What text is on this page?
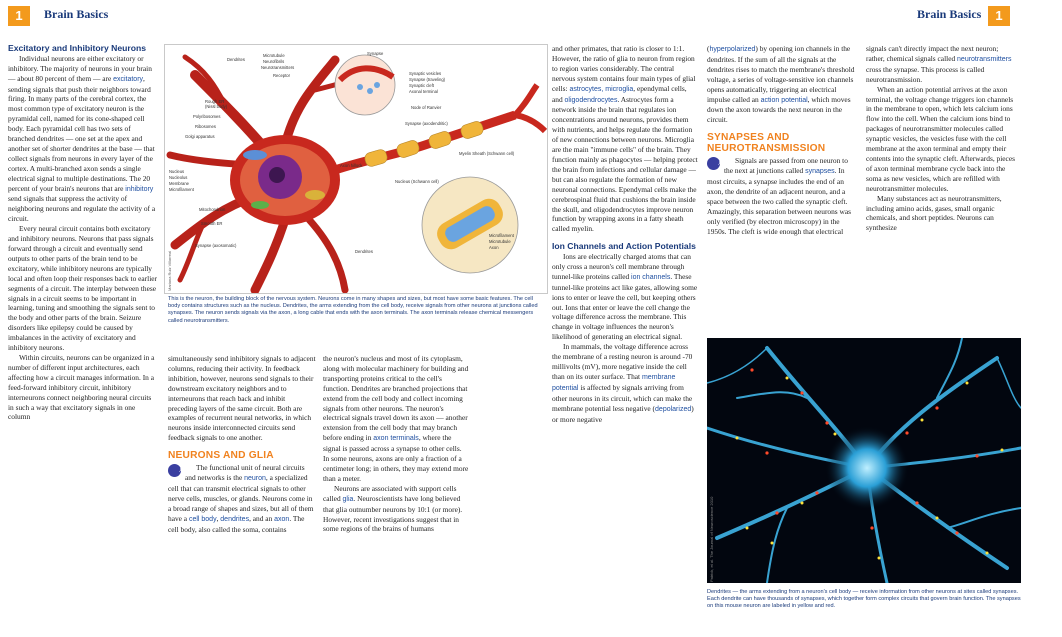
1	Brain Basics	Brain Basics	1
Excitatory and Inhibitory Neurons

Individual neurons are either excitatory or inhibitory. The majority of neurons in your brain — about 80 percent of them — are excitatory, sending signals that push their neighbors toward firing. In many parts of the cerebral cortex, the most common type of excitatory neuron is the pyramidal cell, named for its cone-shaped cell body. Each pyramidal cell has two sets of branched dendrites — one set at the apex and another set of shorter dendrites at the base — that collect signals from neurons in every layer of the cortex. A multi-branched axon sends a single electrical signal to multiple destinations. The 20 percent of your brain's neurons that are inhibitory send signals that suppress the activity of neighboring neurons and regulate the activity of a circuit.

Every neural circuit contains both excitatory and inhibitory neurons. Neurons that pass signals forward through a circuit and eventually send outputs to other parts of the brain tend to be excitatory, while inhibitory neurons are typically local and often loop their responses back to earlier segments of a circuit. The interplay between these signals in a circuit seems to be important in learning, tuning and smoothing the signals sent to the body and other parts of the brain. Seizure disorders like epilepsy could be caused by imbalances in the activity of excitatory and inhibitory neurons.

Within circuits, neurons can be organized in a number of different input architectures, each affecting how a circuit manages information. In a feed-forward inhibitory circuit, inhibitory interneurons connect neighboring neural circuits in such a way that excitatory signals in one column

Dendrites
Microtubule
Neurofibrils
Neurotransmitters
Receptor
Synapse
Synaptic vesicles
Synapse (traveling)
Synaptic cleft
Axonal terminal
Rough ER
(Nissl body)
Polyribosomes
Ribosomes
Golgi apparatus
Node of Ranvier
Synapse (axodendritic)
Myelin Sheath (Schwann cell)
Nucleus
Nucleolus
Membrane
Microfilament
Axon hillock
Nucleus (Schwann cell)
Mitochondrion
Smooth ER
Synapse (axosomatic)
Microfilament
Microtubule
Axon
Dendrites
Mariana Ruiz Villarreal
This is the neuron, the building block of the nervous system. Neurons come in many shapes and sizes, but most have some basic features. The cell body contains structures such as the nucleus. Dendrites, the arms extending from the cell body, receive signals from other neurons at junctions called synapses. The neuron sends signals via the axon, a long cable that ends with the axon terminals. The axon terminals release chemical messengers called neurotransmitters.

simultaneously send inhibitory signals to adjacent columns, reducing their activity. In feedback inhibition, however, neurons send signals to their downstream excitatory neighbors and to interneurons that reach back and inhibit preceding layers of the same circuit. Both are examples of recurrent neural networks, in which neurons inside interconnected circuits send feedback signals to one another.

NEURONS AND GLIA

⌕ The functional unit of neural circuits and networks is the neuron, a specialized cell that can transmit electrical signals to other nerve cells, muscles, or glands. Neurons come in a broad range of shapes and sizes, but all of them have a cell body, dendrites, and an axon. The cell body, also called the soma, contains

the neuron's nucleus and most of its cytoplasm, along with molecular machinery for building and transporting proteins critical to the cell's function. Dendrites are branched projections that extend from the cell body and collect incoming signals from other neurons. The neuron's electrical signals travel down its axon — another extension from the cell body that may branch before ending in axon terminals, where the signal is passed across a synapse to other cells. In some neurons, axons are only a fraction of a centimeter long; in others, they may extend more than a meter.

Neurons are associated with support cells called glia. Neuroscientists have long believed that glia outnumber neurons by 10:1 (or more). However, recent investigations suggest that in some regions of the brains of humans

and other primates, that ratio is closer to 1:1. However, the ratio of glia to neuron from region to region varies considerably. The central nervous system contains four main types of glial cells: astrocytes, microglia, ependymal cells, and oligodendrocytes. Astrocytes form a network inside the brain that regulates ion concentrations around neurons, provides them with nutrients, and helps regulate the formation of new connections between neurons. Microglia are the main "immune cells" of the brain. They function mainly as phagocytes — helping protect the brain from infections and cellular damage — but can also regulate the formation of new neuronal connections. Ependymal cells make the cerebrospinal fluid that cushions the brain inside the skull, and oligodendrocytes improve neuron function by wrapping axons in a fatty sheath called myelin.

Ion Channels and Action Potentials

Ions are electrically charged atoms that can only cross a neuron's cell membrane through tunnel-like proteins called ion channels. These tunnel-like proteins act like gates, allowing some ions to enter or leave the cell, but keeping others out. Ions that enter or leave the cell change the voltage difference across the membrane. This change in voltage influences the neuron's likelihood of generating an electrical signal.

In mammals, the voltage difference across the membrane of a resting neuron is around -70 millivolts (mV), more negative inside the cell than on its outer surface. That membrane potential is affected by signals arriving from other neurons in its circuit, which can make the membrane potential less negative (depolarized) or more negative

(hyperpolarized) by opening ion channels in the dendrites. If the sum of all the signals at the dendrites rises to match the membrane's threshold voltage, a series of voltage-sensitive ion channels opens automatically, triggering an electrical impulse called an action potential, which moves down the axon towards the next neuron in the circuit.

SYNAPSES AND NEUROTRANSMISSION

⌕ Signals are passed from one neuron to the next at junctions called synapses. In most circuits, a synapse includes the end of an axon, the dendrite of an adjacent neuron, and a space between the two called the synaptic cleft. Amazingly, this separation between neurons was only verified (by electron microscopy) in the 1950s. The cleft is wide enough that electrical

signals can't directly impact the next neuron; rather, chemical signals called neurotransmitters cross the synapse. This process is called neurotransmission.

When an action potential arrives at the axon terminal, the voltage change triggers ion channels in the membrane to open, which lets calcium ions flow into the cell. When the calcium ions bind to packages of neurotransmitter molecules called synaptic vesicles, the vesicles fuse with the cell membrane at the axon terminal and empty their contents into the synaptic cleft. Afterwards, pieces of axon terminal membrane cycle back into the soma as new vesicles, which are refilled with neurotransmitter molecules.

Many substances act as neurotransmitters, including amino acids, gases, small organic chemicals, and short peptides. Neurons can synthesize

Patrick, et al. The Journal of Neuroscience 2010
Dendrites — the arms extending from a neuron's cell body — receive information from other neurons at sites called synapses. Each dendrite can have thousands of synapses, which together form complex circuits that govern brain function. The synapses on this mouse neuron are labeled in yellow and red.
